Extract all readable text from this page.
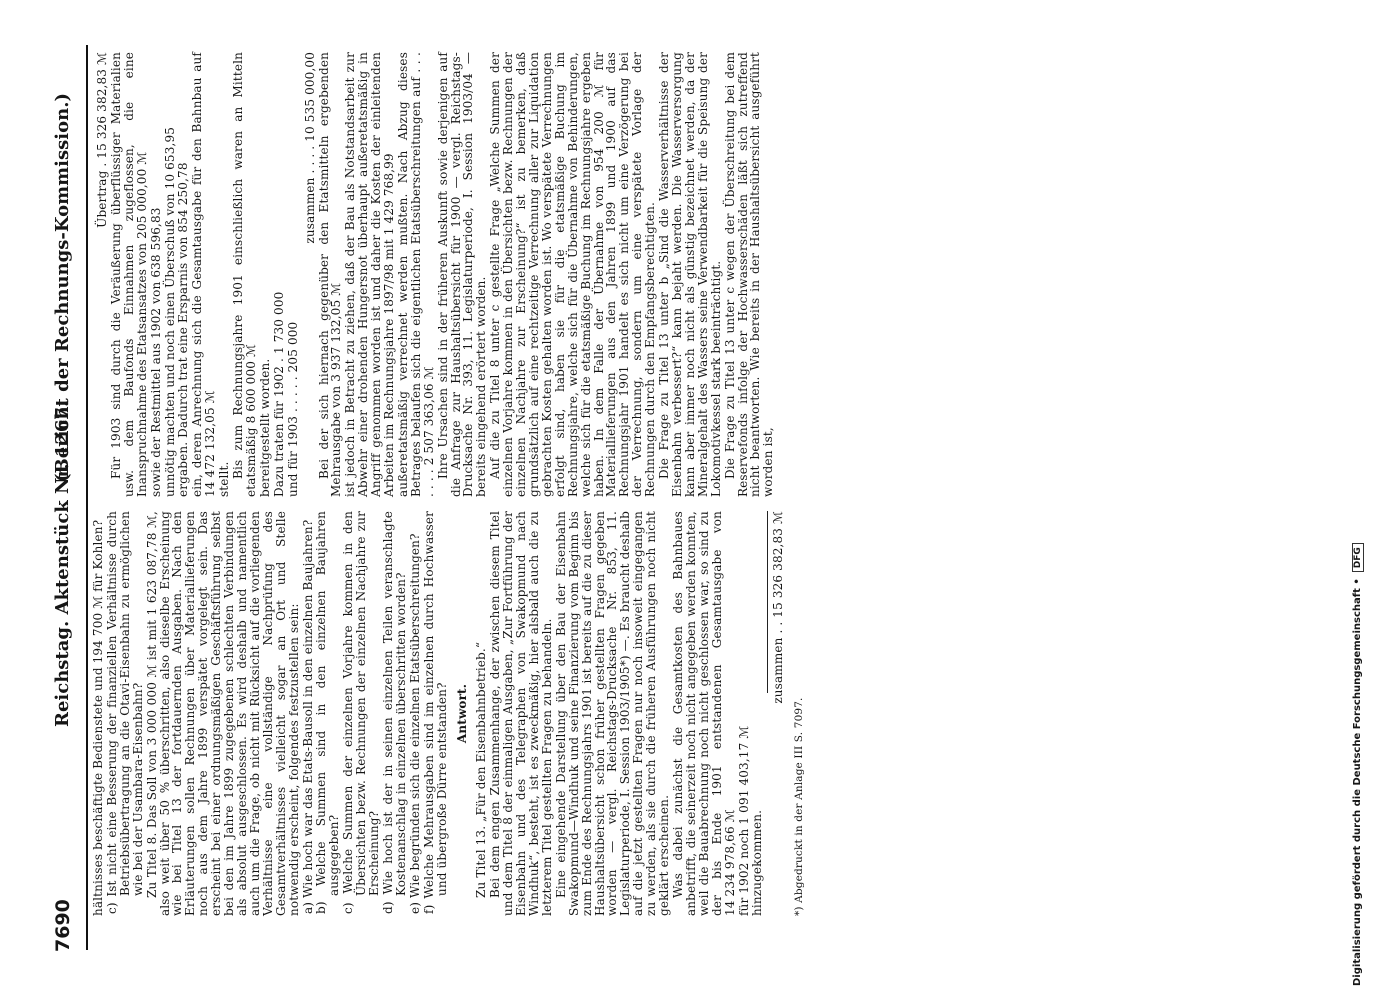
7690
Reichstag. Aktenstück Nr. 1267.
(Bericht der Rechnungs-Kommission.)

hältnisses beschäftigte Bedienstete und 194 700 ℳ für Kohlen? c) Ist nicht eine Besserung der finanziellen Verhältnisse durch Betriebsübertragung an die Otavi-Eisenbahn zu ermöglichen wie bei der Usambara-Eisenbahn? Zu Titel 8. Das Soll von 3 000 000 ℳ ist mit 1 623 087,78 ℳ, also weit über 50 % überschritten, also dieselbe Erscheinung wie bei Titel 13 der fortdauernden Ausgaben. Nach den Erläuterungen sollen Rechnungen über Materiallieferungen noch aus dem Jahre 1899 verspätet vorgelegt sein. Das erscheint bei einer ordnungsmäßigen Geschäftsführung selbst bei den im Jahre 1899 zugegebenen schlechten Verbindungen als absolut ausgeschlossen. Es wird deshalb und namentlich auch um die Frage, ob nicht mit Rücksicht auf die vorliegenden Verhältnisse eine vollständige Nachprüfung des Gesamtverhältnisses vielleicht sogar an Ort und Stelle notwendig erscheint, folgendes festzustellen sein: a) Wie hoch war das Etats-Bausoll in den einzelnen Baujahren? b) Welche Summen sind in den einzelnen Baujahren ausgegeben? c) Welche Summen der einzelnen Vorjahre kommen in den Übersichten bezw. Rechnungen der einzelnen Nachjahre zur Erscheinung? d) Wie hoch ist der in seinen einzelnen Teilen veranschlagte Kostenanschlag in einzelnen überschritten worden? e) Wie begründen sich die einzelnen Etatsüberschreitungen? f) Welche Mehrausgaben sind im einzelnen durch Hochwasser und übergroße Dürre entstanden? Antwort. Zu Titel 13. „Für den Eisenbahnbetrieb.“ Bei dem engen Zusammenhange, der zwischen diesem Titel und dem Titel 8 der einmaligen Ausgaben, „Zur Fortführung der Eisenbahn und des Telegraphen von Swakopmund nach Windhuk“, besteht, ist es zweckmäßig, hier alsbald auch die zu letzterem Titel gestellten Fragen zu behandeln. Eine eingehende Darstellung über den Bau der Eisenbahn Swakopmund—Windhuk und seine Finanzierung vom Beginn bis zum Ende des Rechnungsjahrs 1901 ist bereits auf die zu dieser Haushaltsübersicht schon früher gestellten Fragen gegeben worden — vergl. Reichstags-Drucksache Nr. 853, 11. Legislaturperiode, I. Session 1903/1905*) —. Es braucht deshalb auf die jetzt gestellten Fragen nur noch insoweit eingegangen zu werden, als sie durch die früheren Ausführungen noch nicht geklärt erscheinen. Was dabei zunächst die Gesamtkosten des Bahnbaues anbetrifft, die seinerzeit noch nicht angegeben werden konnten, weil die Bauabrechnung noch nicht geschlossen war, so sind zu der bis Ende 1901 entstandenen Gesamtausgabe von 14 234 978,66 ℳ für 1902 noch 1 091 403,17 ℳ

hinzugekommen.

zusammen . . 15 326 382,83 ℳ

*) Abgedruckt in der Anlage III S. 7097.

Übertrag . 15 326 382,83 ℳ Für 1903 sind durch die Veräußerung überflüssiger Materialien usw. dem Baufonds Einnahmen zugeflossen, die eine Inanspruchnahme des Etatsansatzes von 205 000,00 ℳ

sowie der Restmittel aus 1902 von 638 596,83 unnötig machten und noch einen Überschuß von 10 653,95

ergaben. Dadurch trat eine Ersparnis von 854 250,78 ein, deren Anrechnung sich die Gesamtausgabe für den Bahnbau auf 14 472 132,05 ℳ stellt.

Bis zum Rechnungsjahre 1901 einschließlich waren an Mitteln etatsmäßig 8 600 000 ℳ bereitgestellt worden. Dazu traten für 1902 . 1 730 000

und für 1903 . . . . . 205 000

zusammen . . . . 10 535 000,00 Bei der sich hiernach gegenüber den Etatsmitteln ergebenden Mehrausgabe von 3 937 132,05 ℳ ist jedoch in Betracht zu ziehen, daß der Bau als Notstandsarbeit zur Abwehr einer drohenden Hungersnot überhaupt außeretatsmäßig in Angriff genommen worden ist und daher die Kosten der einleitenden Arbeiten im Rechnungsjahre 1897/98 mit 1 429 768,99 außeretatsmäßig verrechnet werden mußten. Nach Abzug dieses Betrages belaufen sich die eigentlichen Etatsüberschreitungen auf . . . . . . . 2 507 363,06 ℳ Ihre Ursachen sind in der früheren Auskunft sowie derjenigen auf die Anfrage zur Haushaltsübersicht für 1900 — vergl. Reichstags-Drucksache Nr. 393, 11. Legislaturperiode, I. Session 1903/04 — bereits eingehend erörtert worden. Auf die zu Titel 8 unter c gestellte Frage „Welche Summen der einzelnen Vorjahre kommen in den Übersichten bezw. Rechnungen der einzelnen Nachjahre zur Erscheinung?“ ist zu bemerken, daß grundsätzlich auf eine rechtzeitige Verrechnung aller zur Liquidation gebrachten Kosten gehalten worden ist. Wo verspätete Verrechnungen erfolgt sind, haben sie für die etatsmäßige Buchung im Rechnungsjahre, welche sich für die Übernahme von Behinderungen, welche sich für die etatsmäßige Buchung im Rechnungsjahre ergeben haben. In dem Falle der Übernahme von 954 200 ℳ für Materiallieferungen aus den Jahren 1899 und 1900 auf das Rechnungsjahr 1901 handelt es sich nicht um eine Verzögerung bei der Verrechnung, sondern um eine verspätete Vorlage der Rechnungen durch den Empfangsberechtigten. Die Frage zu Titel 13 unter b „Sind die Wasserverhältnisse der Eisenbahn verbessert?“ kann bejaht werden. Die Wasserversorgung kann aber immer noch nicht als günstig bezeichnet werden, da der Mineralgehalt des Wassers seine Verwendbarkeit für die Speisung der Lokomotivkessel stark beeinträchtigt. Die Frage zu Titel 13 unter c wegen der Überschreitung bei dem Reservefonds infolge der Hochwasserschäden läßt sich zutreffend nicht beantworten. Wie bereits in der Haushaltsübersicht ausgeführt worden ist,

Digitalisierung gefördert durch die Deutsche Forschungsgemeinschaft •DFG
